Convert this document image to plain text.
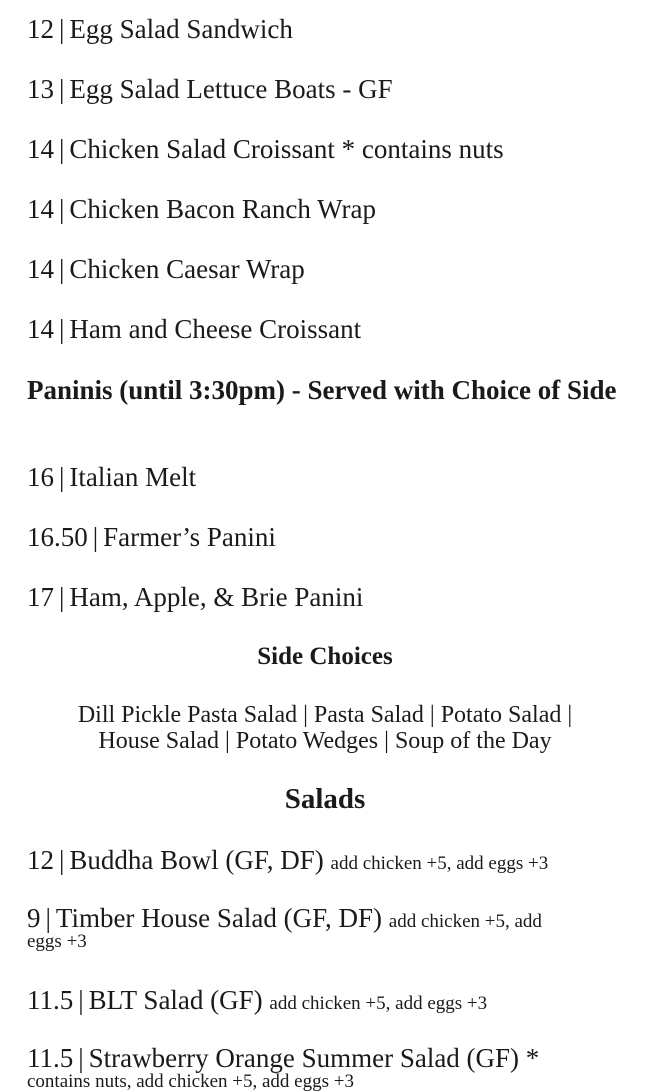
12 | Egg Salad Sandwich

13 | Egg Salad Lettuce Boats - GF

14 | Chicken Salad Croissant * contains nuts

14 | Chicken Bacon Ranch Wrap

14 | Chicken Caesar Wrap

14 | Ham and Cheese Croissant

Paninis (until 3:30pm) - Served with Choice of Side

16 | Italian Melt

16.50 | Farmer’s Panini

17 | Ham, Apple, & Brie Panini

Side Choices

Dill Pickle Pasta Salad | Pasta Salad | Potato Salad |

House Salad | Potato Wedges | Soup of the Day

Salads

12 | Buddha Bowl (GF, DF) add chicken +5, add eggs +3

9 | Timber House Salad (GF, DF) add chicken +5, add

eggs +3

11.5 | BLT Salad (GF) add chicken +5, add eggs +3

11.5 | Strawberry Orange Summer Salad (GF) *

contains nuts, add chicken +5, add eggs +3
